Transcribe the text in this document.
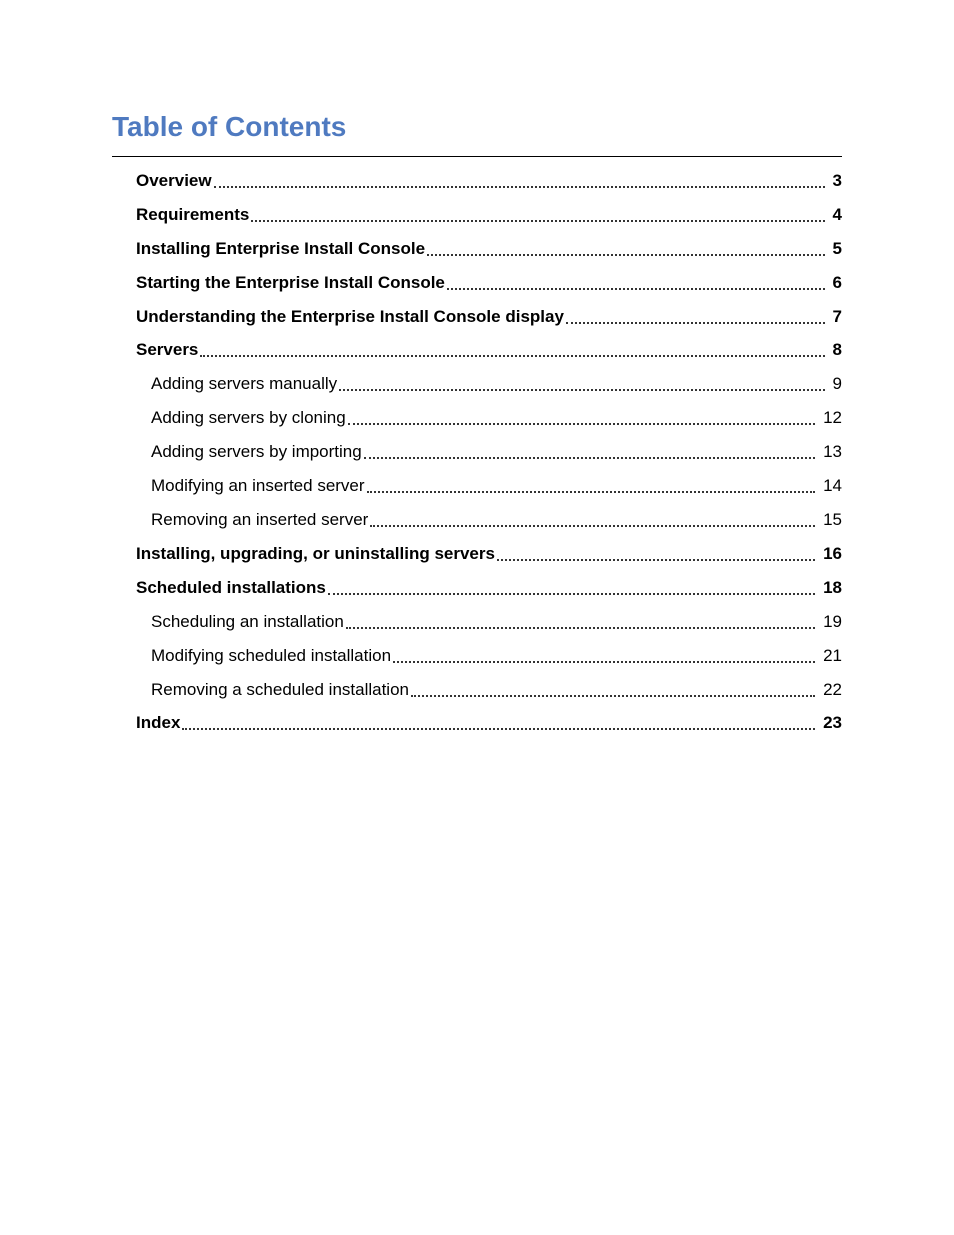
Table of Contents
Overview	3
Requirements	4
Installing Enterprise Install Console	5
Starting the Enterprise Install Console	6
Understanding the Enterprise Install Console display	7
Servers	8
Adding servers manually	9
Adding servers by cloning	12
Adding servers by importing	13
Modifying an inserted server	14
Removing an inserted server	15
Installing, upgrading, or uninstalling servers	16
Scheduled installations	18
Scheduling an installation	19
Modifying scheduled installation	21
Removing a scheduled installation	22
Index	23
